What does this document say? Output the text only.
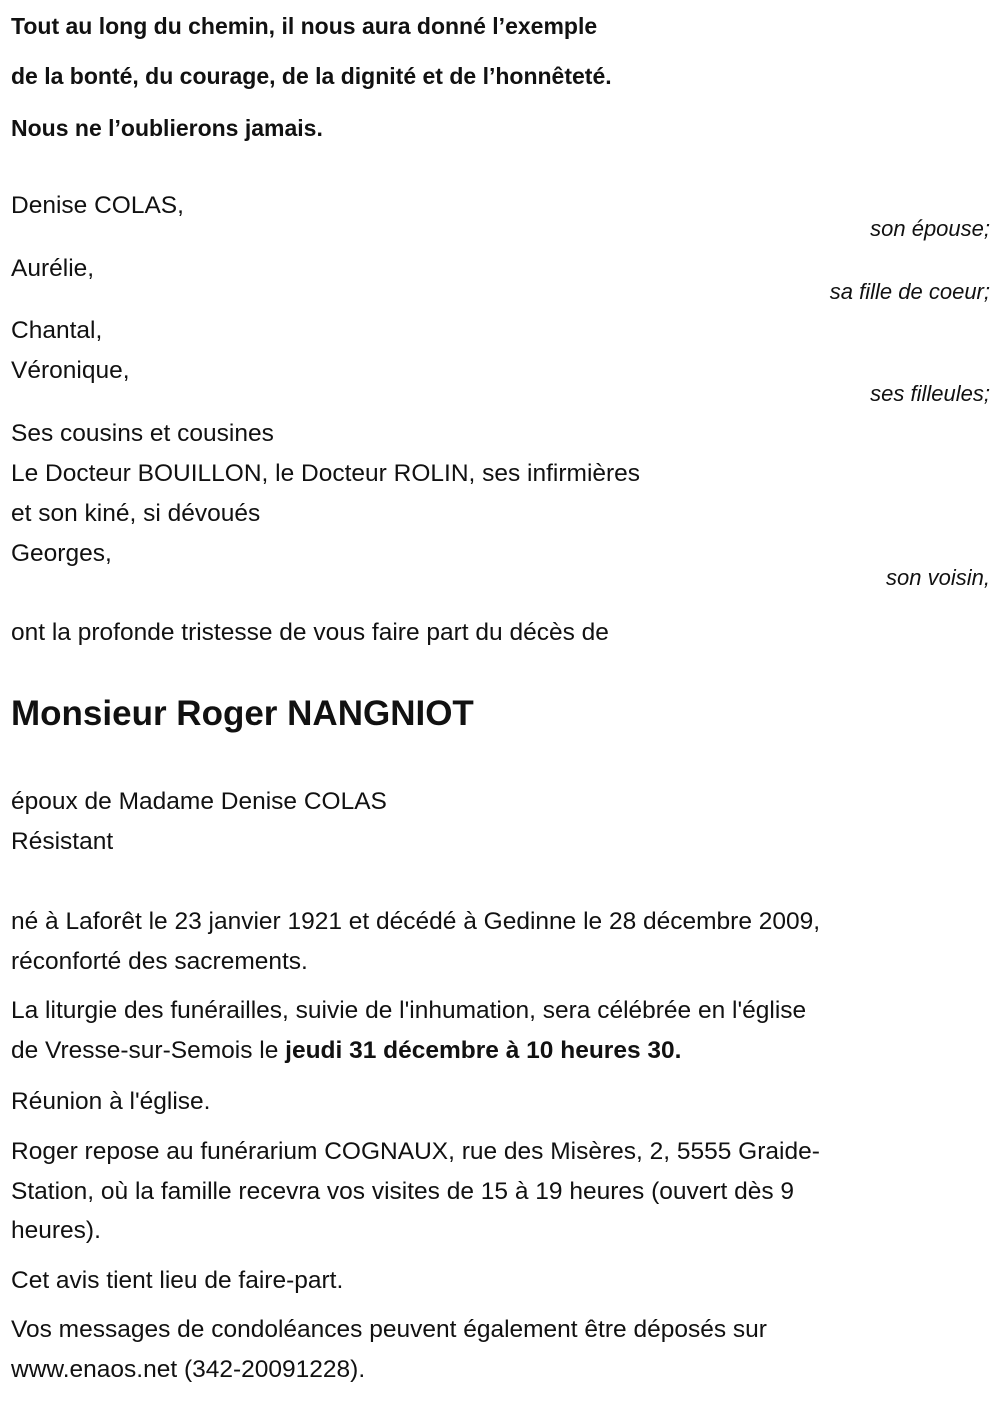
Tout au long du chemin, il nous aura donné l’exemple
de la bonté, du courage, de la dignité et de l’honnêteté.
Nous ne l’oublierons jamais.
Denise COLAS,
son épouse;
Aurélie,
sa fille de coeur;
Chantal,
Véronique,
ses filleules;
Ses cousins et cousines
Le Docteur BOUILLON, le Docteur ROLIN, ses infirmières
et son kiné, si dévoués
Georges,
son voisin,
ont la profonde tristesse de vous faire part du décès de
Monsieur Roger NANGNIOT
époux de Madame Denise COLAS
Résistant
né à Laforêt le 23 janvier 1921 et décédé à Gedinne le 28 décembre 2009,
réconforté des sacrements.
La liturgie des funérailles, suivie de l'inhumation, sera célébrée en l'église
de Vresse-sur-Semois le jeudi 31 décembre à 10 heures 30.
Réunion à l'église.
Roger repose au funérarium COGNAUX, rue des Misères, 2, 5555 Graide-
Station, où la famille recevra vos visites de 15 à 19 heures (ouvert dès 9
heures).
Cet avis tient lieu de faire-part.
Vos messages de condoléances peuvent également être déposés sur
www.enaos.net (342-20091228).
